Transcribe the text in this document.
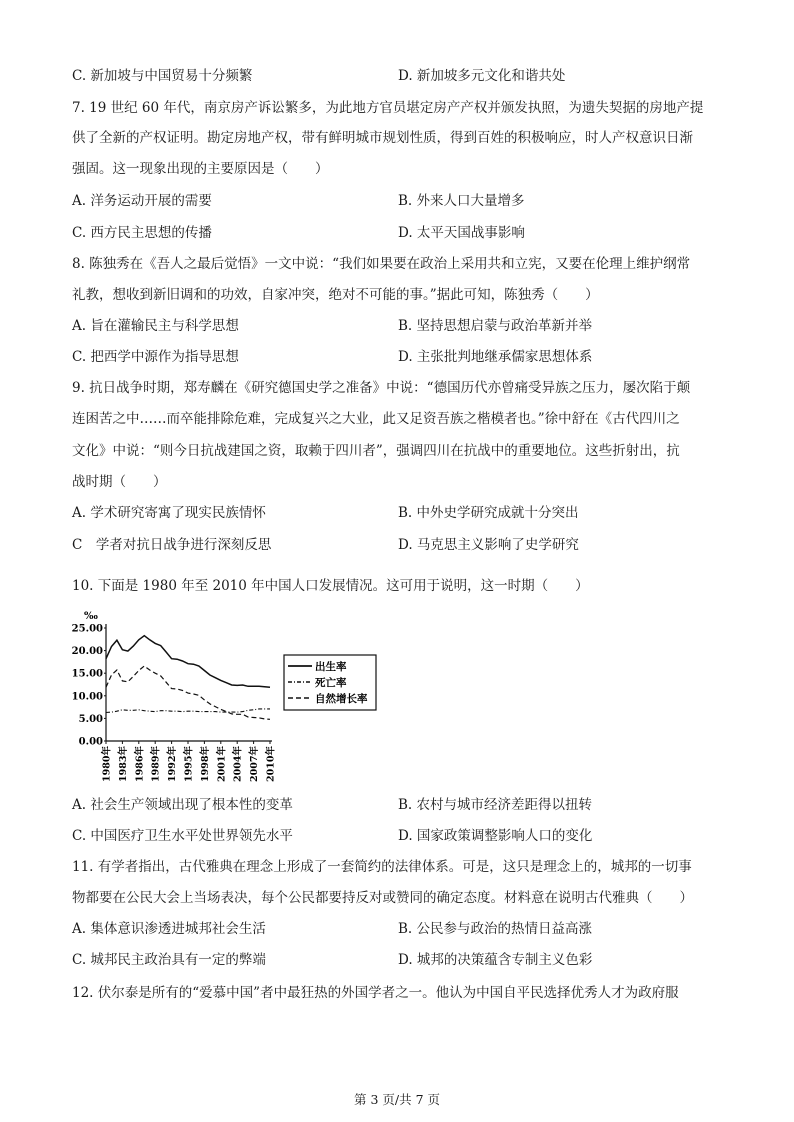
C. 新加坡与中国贸易十分频繁	D. 新加坡多元文化和谐共处
7. 19 世纪 60 年代，南京房产诉讼繁多，为此地方官员堪定房产产权并颁发执照，为遗失契据的房地产提
供了全新的产权证明。勘定房地产权，带有鲜明城市规划性质，得到百姓的积极响应，时人产权意识日渐
强固。这一现象出现的主要原因是（　　）
A. 洋务运动开展的需要	B. 外来人口大量增多
C. 西方民主思想的传播	D. 太平天国战事影响
8. 陈独秀在《吾人之最后觉悟》一文中说：“我们如果要在政治上采用共和立宪，又要在伦理上维护纲常
礼教，想收到新旧调和的功效，自家冲突，绝对不可能的事。”据此可知，陈独秀（　　）
A. 旨在灌输民主与科学思想	B. 坚持思想启蒙与政治革新并举
C. 把西学中源作为指导思想	D. 主张批判地继承儒家思想体系
9. 抗日战争时期，郑寿麟在《研究德国史学之准备》中说：“德国历代亦曾痛受异族之压力，屡次陷于颠
连困苦之中……而卒能排除危难，完成复兴之大业，此又足资吾族之楷模者也。”徐中舒在《古代四川之
文化》中说：“则今日抗战建国之资，取赖于四川者”，强调四川在抗战中的重要地位。这些折射出，抗
战时期（　　）
A. 学术研究寄寓了现实民族情怀	B. 中外史学研究成就十分突出
C　学者对抗日战争进行深刻反思	D. 马克思主义影响了史学研究
10. 下面是 1980 年至 2010 年中国人口发展情况。这可用于说明，这一时期（　　）
‰
0.00
5.00
10.00
15.00
20.00
25.00
1980年 1983年 1986年 1989年 1992年 1995年 1998年 2001年 2004年 2007年 2010年
出生率
死亡率
自然增长率
A. 社会生产领域出现了根本性的变革	B. 农村与城市经济差距得以扭转
C. 中国医疗卫生水平处世界领先水平	D. 国家政策调整影响人口的变化
11. 有学者指出，古代雅典在理念上形成了一套简约的法律体系。可是，这只是理念上的，城邦的一切事
物都要在公民大会上当场表决，每个公民都要持反对或赞同的确定态度。材料意在说明古代雅典（　　）
A. 集体意识渗透进城邦社会生活	B. 公民参与政治的热情日益高涨
C. 城邦民主政治具有一定的弊端	D. 城邦的决策蕴含专制主义色彩
12. 伏尔泰是所有的“爱慕中国”者中最狂热的外国学者之一。他认为中国自平民选择优秀人才为政府服
第 3 页/共 7 页
